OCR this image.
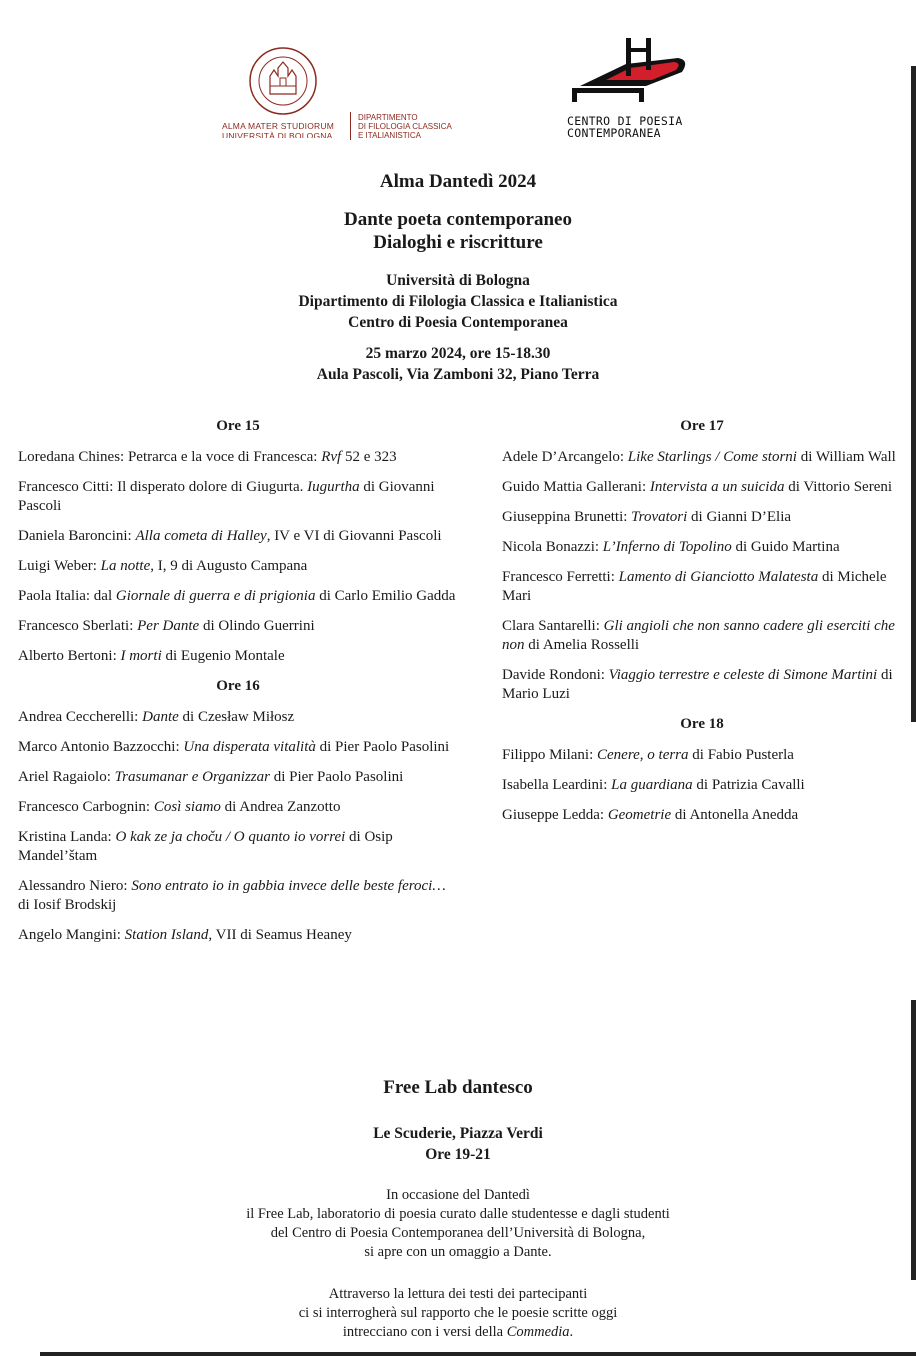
ALMA MATER STUDIORUM
UNIVERSITÀ DI BOLOGNA
DIPARTIMENTO
DI FILOLOGIA CLASSICA
E ITALIANISTICA
CENTRO DI POESIA
CONTEMPORANEA
Alma Dantedì 2024
Dante poeta contemporaneo
Dialoghi e riscritture
Università di Bologna
Dipartimento di Filologia Classica e Italianistica
Centro di Poesia Contemporanea
25 marzo 2024, ore 15-18.30
Aula Pascoli, Via Zamboni 32, Piano Terra
Ore 15
Loredana Chines: Petrarca e la voce di Francesca: Rvf 52 e 323
Francesco Citti: Il disperato dolore di Giugurta. Iugurtha di Giovanni Pascoli
Daniela Baroncini: Alla cometa di Halley, IV e VI di Giovanni Pascoli
Luigi Weber: La notte, I, 9 di Augusto Campana
Paola Italia: dal Giornale di guerra e di prigionia di Carlo Emilio Gadda
Francesco Sberlati: Per Dante di Olindo Guerrini
Alberto Bertoni: I morti di Eugenio Montale
Ore 16
Andrea Ceccherelli: Dante di Czesław Miłosz
Marco Antonio Bazzocchi: Una disperata vitalità di Pier Paolo Pasolini
Ariel Ragaiolo: Trasumanar e Organizzar di Pier Paolo Pasolini
Francesco Carbognin: Così siamo di Andrea Zanzotto
Kristina Landa: O kak ze ja choču / O quanto io vorrei di Osip Mandel’štam
Alessandro Niero: Sono entrato io in gabbia invece delle beste feroci… di Iosif Brodskij
Angelo Mangini: Station Island, VII di Seamus Heaney
Ore 17
Adele D’Arcangelo: Like Starlings / Come storni di William Wall
Guido Mattia Gallerani: Intervista a un suicida di Vittorio Sereni
Giuseppina Brunetti: Trovatori di Gianni D’Elia
Nicola Bonazzi: L’Inferno di Topolino di Guido Martina
Francesco Ferretti: Lamento di Gianciotto Malatesta di Michele Mari
Clara Santarelli: Gli angioli che non sanno cadere gli eserciti che non di Amelia Rosselli
Davide Rondoni: Viaggio terrestre e celeste di Simone Martini di Mario Luzi
Ore 18
Filippo Milani: Cenere, o terra di Fabio Pusterla
Isabella Leardini: La guardiana di Patrizia Cavalli
Giuseppe Ledda: Geometrie di Antonella Anedda
Free Lab dantesco
Le Scuderie, Piazza Verdi
Ore 19-21
In occasione del Dantedì
il Free Lab, laboratorio di poesia curato dalle studentesse e dagli studenti
del Centro di Poesia Contemporanea dell’Università di Bologna,
si apre con un omaggio a Dante.
Attraverso la lettura dei testi dei partecipanti
ci si interrogherà sul rapporto che le poesie scritte oggi
intrecciano con i versi della Commedia.
